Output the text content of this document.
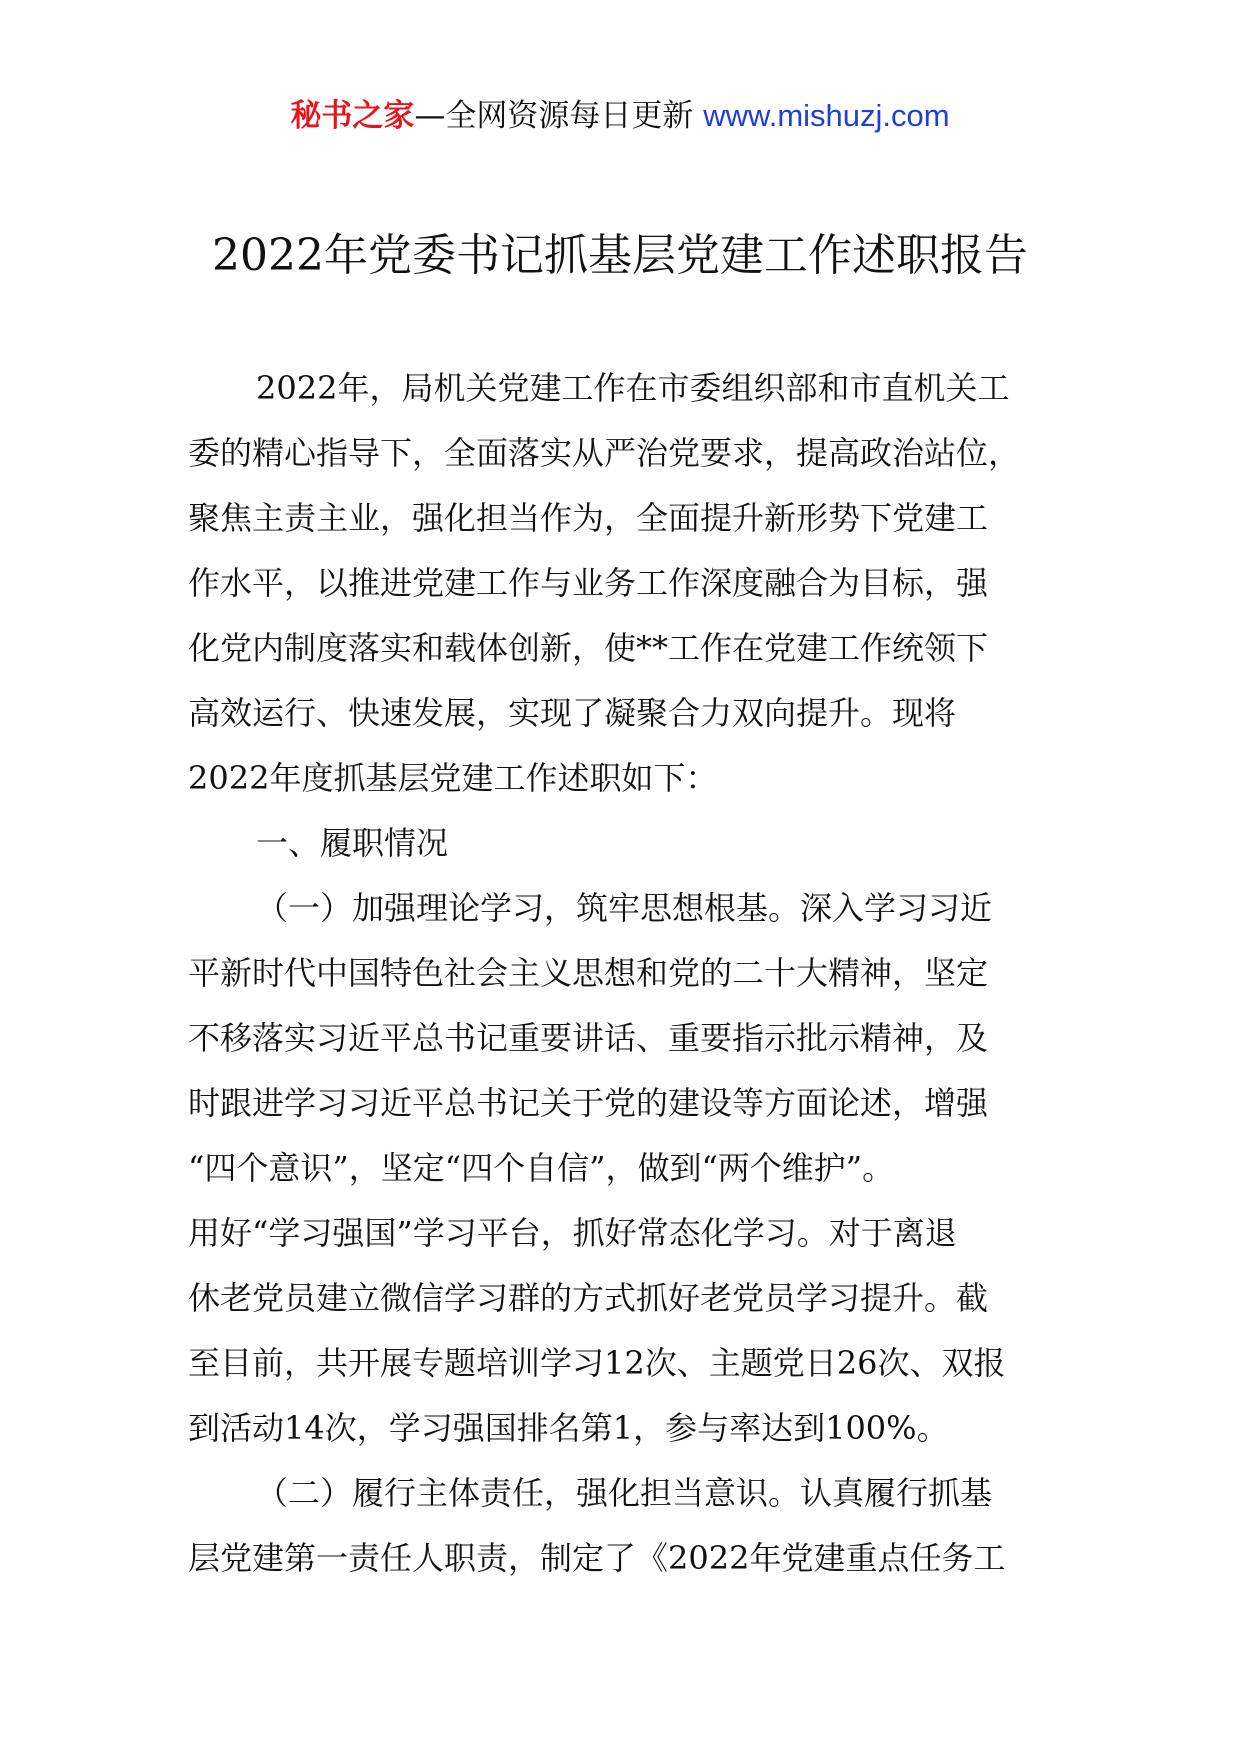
秘书之家—全网资源每日更新 www.mishuzj.com
2022年党委书记抓基层党建工作述职报告
2022年，局机关党建工作在市委组织部和市直机关工
委的精心指导下，全面落实从严治党要求，提高政治站位，
聚焦主责主业，强化担当作为，全面提升新形势下党建工
作水平，以推进党建工作与业务工作深度融合为目标，强
化党内制度落实和载体创新，使**工作在党建工作统领下
高效运行、快速发展，实现了凝聚合力双向提升。现将
2022年度抓基层党建工作述职如下：
一、履职情况
（一）加强理论学习，筑牢思想根基。深入学习习近
平新时代中国特色社会主义思想和党的二十大精神，坚定
不移落实习近平总书记重要讲话、重要指示批示精神，及
时跟进学习习近平总书记关于党的建设等方面论述，增强
“四个意识”，坚定“四个自信”，做到“两个维护”。
用好“学习强国”学习平台，抓好常态化学习。对于离退
休老党员建立微信学习群的方式抓好老党员学习提升。截
至目前，共开展专题培训学习12次、主题党日26次、双报
到活动14次，学习强国排名第1，参与率达到100%。
（二）履行主体责任，强化担当意识。认真履行抓基
层党建第一责任人职责，制定了《2022年党建重点任务工
